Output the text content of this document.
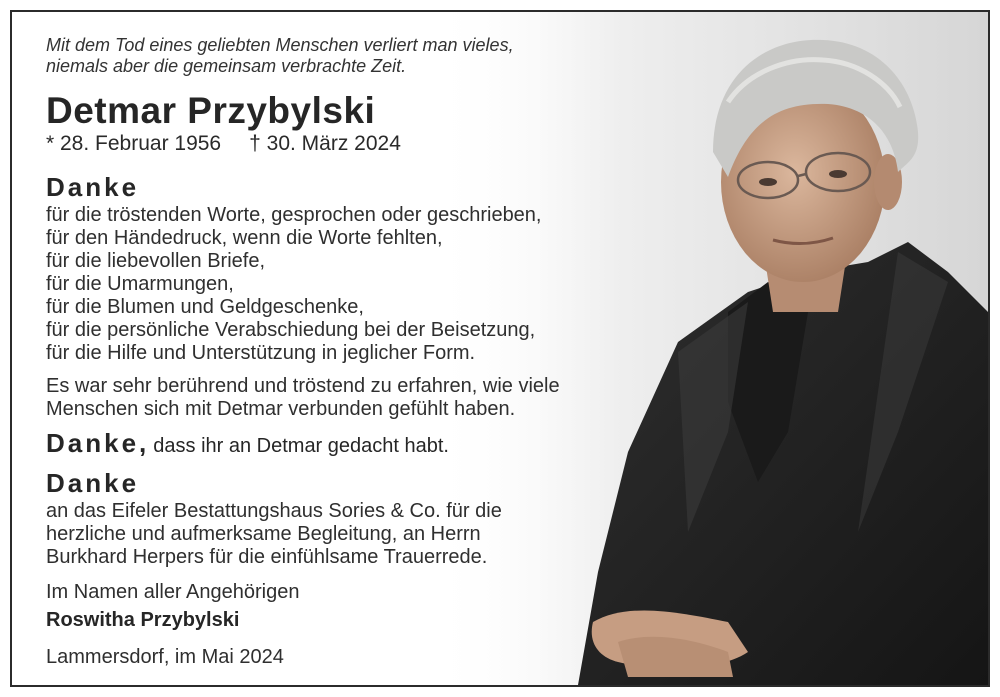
Mit dem Tod eines geliebten Menschen verliert man vieles,
niemals aber die gemeinsam verbrachte Zeit.
Detmar Przybylski
* 28. Februar 1956 † 30. März 2024
Danke
für die tröstenden Worte, gesprochen oder geschrieben,
für den Händedruck, wenn die Worte fehlten,
für die liebevollen Briefe,
für die Umarmungen,
für die Blumen und Geldgeschenke,
für die persönliche Verabschiedung bei der Beisetzung,
für die Hilfe und Unterstützung in jeglicher Form.
Es war sehr berührend und tröstend zu erfahren, wie viele
Menschen sich mit Detmar verbunden gefühlt haben.
Danke, dass ihr an Detmar gedacht habt.
Danke
an das Eifeler Bestattungshaus Sories & Co. für die
herzliche und aufmerksame Begleitung, an Herrn
Burkhard Herpers für die einfühlsame Trauerrede.
Im Namen aller Angehörigen
Roswitha Przybylski
Lammersdorf, im Mai 2024
